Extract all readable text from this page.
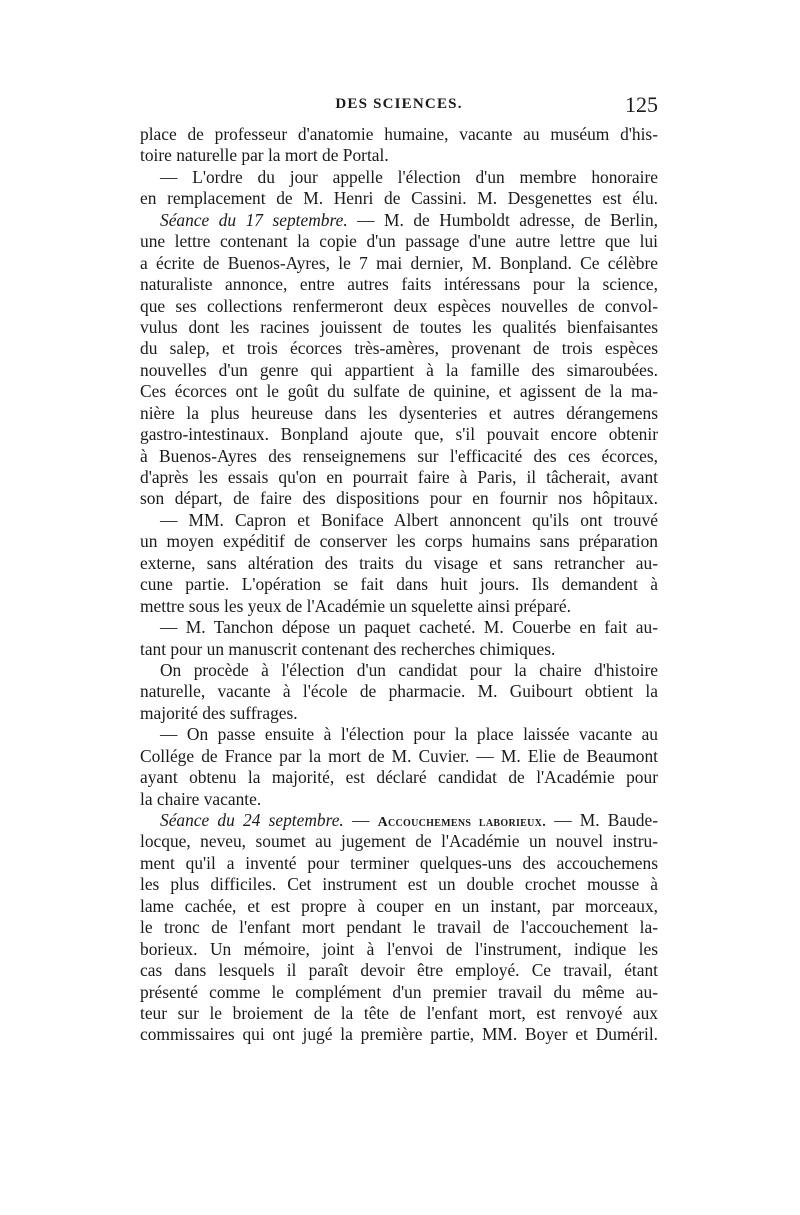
DES SCIENCES.	125
place de professeur d'anatomie humaine, vacante au muséum d'his-
toire naturelle par la mort de Portal.
— L'ordre du jour appelle l'élection d'un membre honoraire
en remplacement de M. Henri de Cassini. M. Desgenettes est élu.
Séance du 17 septembre. — M. de Humboldt adresse, de Berlin,
une lettre contenant la copie d'un passage d'une autre lettre que lui
a écrite de Buenos-Ayres, le 7 mai dernier, M. Bonpland. Ce célèbre
naturaliste annonce, entre autres faits intéressans pour la science,
que ses collections renfermeront deux espèces nouvelles de convol-
vulus dont les racines jouissent de toutes les qualités bienfaisantes
du salep, et trois écorces très-amères, provenant de trois espèces
nouvelles d'un genre qui appartient à la famille des simaroubées.
Ces écorces ont le goût du sulfate de quinine, et agissent de la ma-
nière la plus heureuse dans les dysenteries et autres dérangemens
gastro-intestinaux. Bonpland ajoute que, s'il pouvait encore obtenir
à Buenos-Ayres des renseignemens sur l'efficacité des ces écorces,
d'après les essais qu'on en pourrait faire à Paris, il tâcherait, avant
son départ, de faire des dispositions pour en fournir nos hôpitaux.
— MM. Capron et Boniface Albert annoncent qu'ils ont trouvé
un moyen expéditif de conserver les corps humains sans préparation
externe, sans altération des traits du visage et sans retrancher au-
cune partie. L'opération se fait dans huit jours. Ils demandent à
mettre sous les yeux de l'Académie un squelette ainsi préparé.
— M. Tanchon dépose un paquet cacheté. M. Couerbe en fait au-
tant pour un manuscrit contenant des recherches chimiques.
On procède à l'élection d'un candidat pour la chaire d'histoire
naturelle, vacante à l'école de pharmacie. M. Guibourt obtient la
majorité des suffrages.
— On passe ensuite à l'élection pour la place laissée vacante au
Collége de France par la mort de M. Cuvier. — M. Elie de Beaumont
ayant obtenu la majorité, est déclaré candidat de l'Académie pour
la chaire vacante.
Séance du 24 septembre. — Accouchemens laborieux. — M. Baude-
locque, neveu, soumet au jugement de l'Académie un nouvel instru-
ment qu'il a inventé pour terminer quelques-uns des accouchemens
les plus difficiles. Cet instrument est un double crochet mousse à
lame cachée, et est propre à couper en un instant, par morceaux,
le tronc de l'enfant mort pendant le travail de l'accouchement la-
borieux. Un mémoire, joint à l'envoi de l'instrument, indique les
cas dans lesquels il paraît devoir être employé. Ce travail, étant
présenté comme le complément d'un premier travail du même au-
teur sur le broiement de la tête de l'enfant mort, est renvoyé aux
commissaires qui ont jugé la première partie, MM. Boyer et Duméril.
